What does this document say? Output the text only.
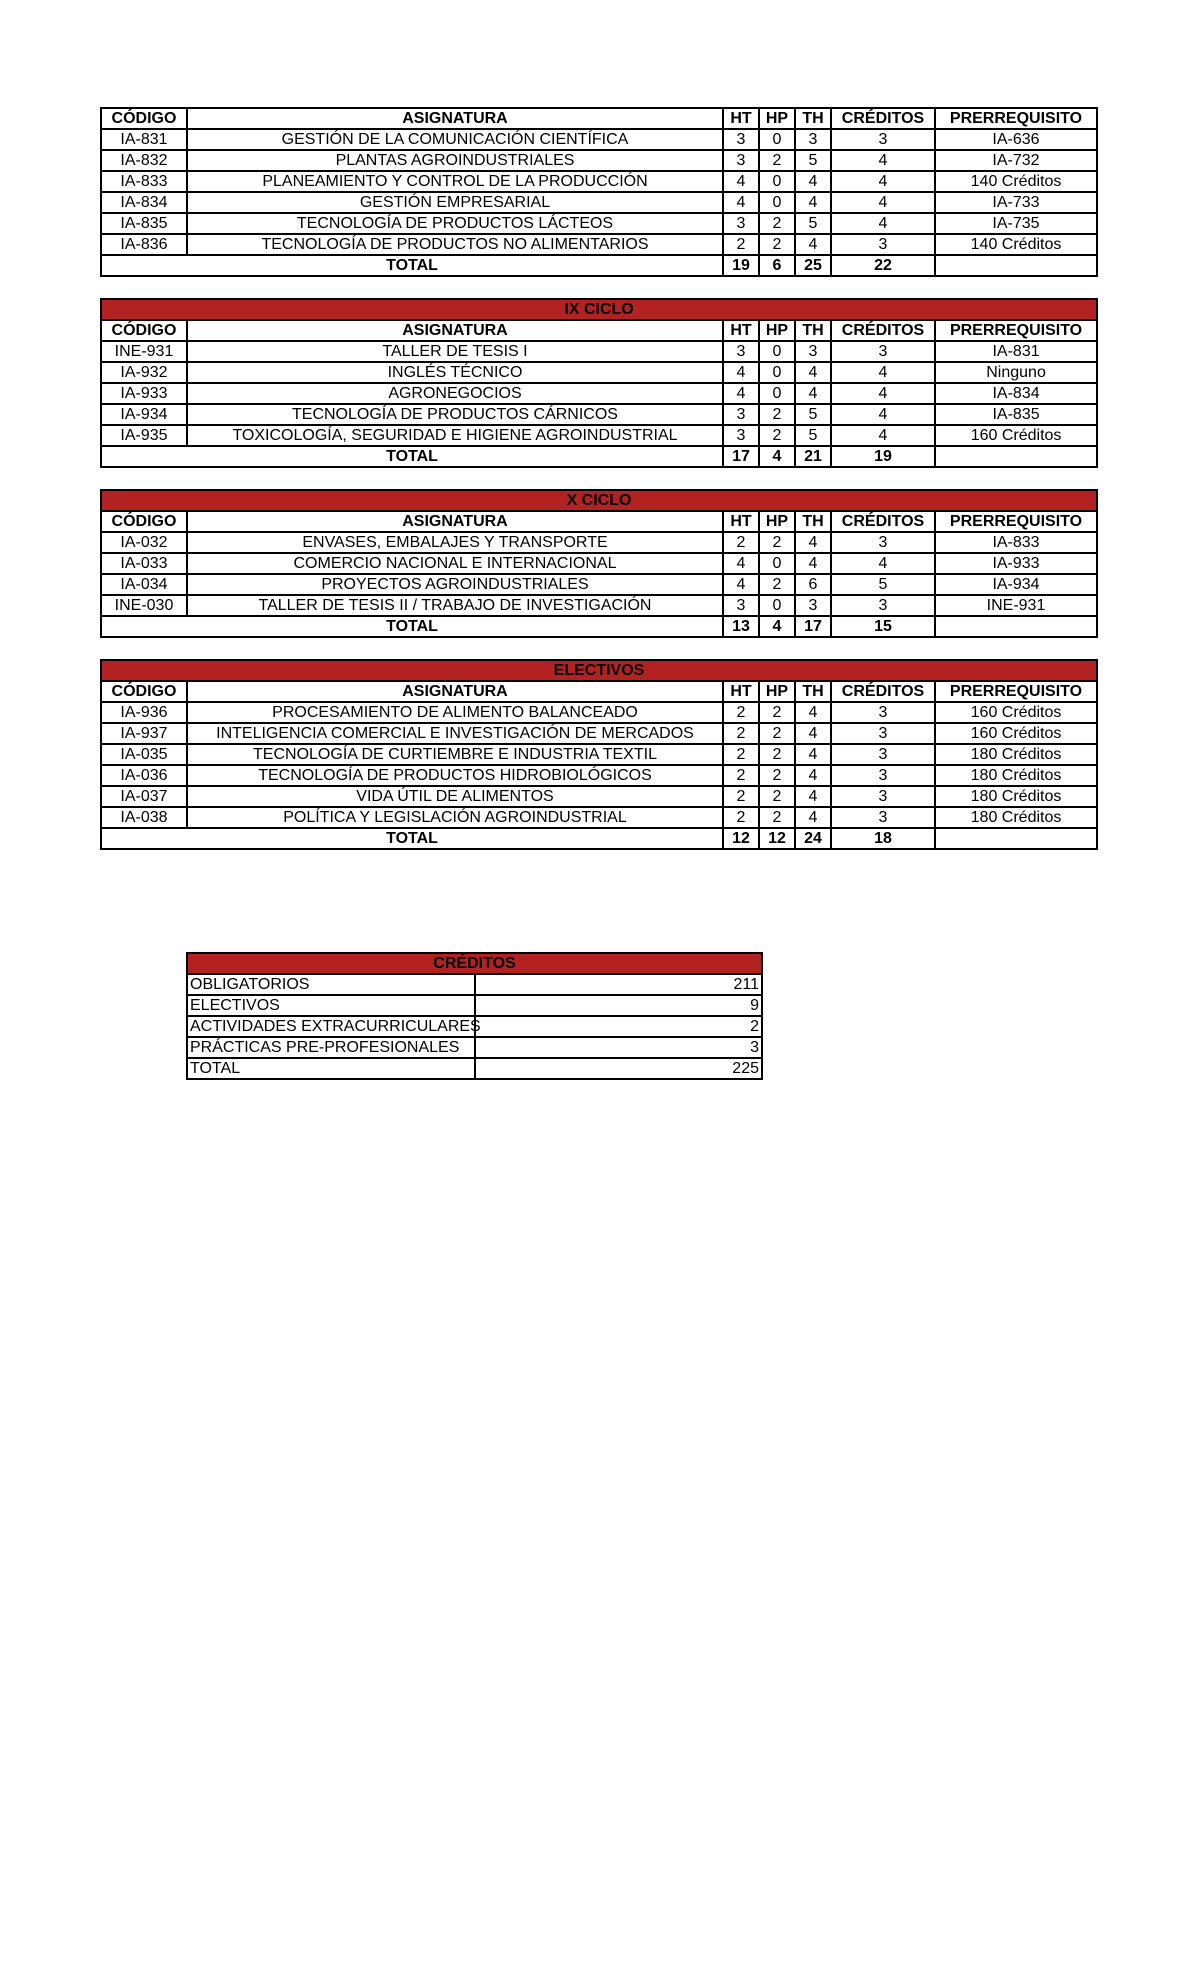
CÓDIGO	ASIGNATURA	HT	HP	TH	CRÉDITOS	PRERREQUISITO
IA-831	GESTIÓN DE LA COMUNICACIÓN CIENTÍFICA	3	0	3	3	IA-636
IA-832	PLANTAS AGROINDUSTRIALES	3	2	5	4	IA-732
IA-833	PLANEAMIENTO Y CONTROL DE LA PRODUCCIÓN	4	0	4	4	140 Créditos
IA-834	GESTIÓN EMPRESARIAL	4	0	4	4	IA-733
IA-835	TECNOLOGÍA DE PRODUCTOS LÁCTEOS	3	2	5	4	IA-735
IA-836	TECNOLOGÍA DE PRODUCTOS NO ALIMENTARIOS	2	2	4	3	140 Créditos
TOTAL		19	6	25	22	
IX CICLO						
CÓDIGO	ASIGNATURA	HT	HP	TH	CRÉDITOS	PRERREQUISITO
INE-931	TALLER DE TESIS I	3	0	3	3	IA-831
IA-932	INGLÉS TÉCNICO	4	0	4	4	Ninguno
IA-933	AGRONEGOCIOS	4	0	4	4	IA-834
IA-934	TECNOLOGÍA DE PRODUCTOS CÁRNICOS	3	2	5	4	IA-835
IA-935	TOXICOLOGÍA, SEGURIDAD E HIGIENE AGROINDUSTRIAL	3	2	5	4	160 Créditos
TOTAL		17	4	21	19	
X CICLO						
CÓDIGO	ASIGNATURA	HT	HP	TH	CRÉDITOS	PRERREQUISITO
IA-032	ENVASES, EMBALAJES Y TRANSPORTE	2	2	4	3	IA-833
IA-033	COMERCIO NACIONAL E INTERNACIONAL	4	0	4	4	IA-933
IA-034	PROYECTOS AGROINDUSTRIALES	4	2	6	5	IA-934
INE-030	TALLER DE TESIS II / TRABAJO DE INVESTIGACIÓN	3	0	3	3	INE-931
TOTAL		13	4	17	15	
ELECTIVOS						
CÓDIGO	ASIGNATURA	HT	HP	TH	CRÉDITOS	PRERREQUISITO
IA-936	PROCESAMIENTO DE ALIMENTO BALANCEADO	2	2	4	3	160 Créditos
IA-937	INTELIGENCIA COMERCIAL E INVESTIGACIÓN DE MERCADOS	2	2	4	3	160 Créditos
IA-035	TECNOLOGÍA DE CURTIEMBRE E INDUSTRIA TEXTIL	2	2	4	3	180 Créditos
IA-036	TECNOLOGÍA DE PRODUCTOS HIDROBIOLÓGICOS	2	2	4	3	180 Créditos
IA-037	VIDA ÚTIL DE ALIMENTOS	2	2	4	3	180 Créditos
IA-038	POLÍTICA Y LEGISLACIÓN AGROINDUSTRIAL	2	2	4	3	180 Créditos
TOTAL		12	12	24	18	
CRÉDITOS	
OBLIGATORIOS	211
ELECTIVOS	9
ACTIVIDADES EXTRACURRICULARES	2
PRÁCTICAS PRE-PROFESIONALES	3
TOTAL	225
